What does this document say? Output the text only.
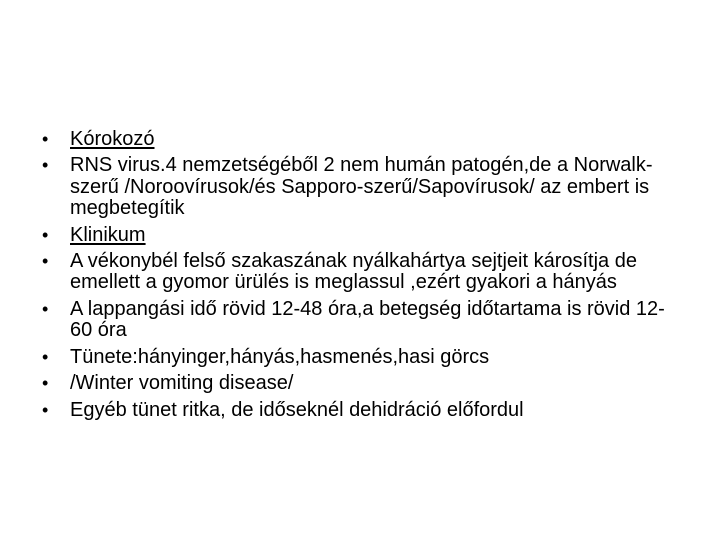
•	Kórokozó
•	RNS virus.4 nemzetségéből 2 nem humán patogén,de a Norwalk-szerű /Noroovírusok/és Sapporo-szerű/Sapovírusok/ az embert is megbetegítik
•	Klinikum
•	A vékonybél felső szakaszának nyálkahártya sejtjeit károsítja de emellett a gyomor ürülés is meglassul ,ezért gyakori a hányás
•	A lappangási idő rövid 12-48 óra,a betegség időtartama is rövid 12-60 óra
•	Tünete:hányinger,hányás,hasmenés,hasi görcs
•	/Winter vomiting disease/
•	Egyéb tünet ritka, de időseknél dehidráció előfordul
